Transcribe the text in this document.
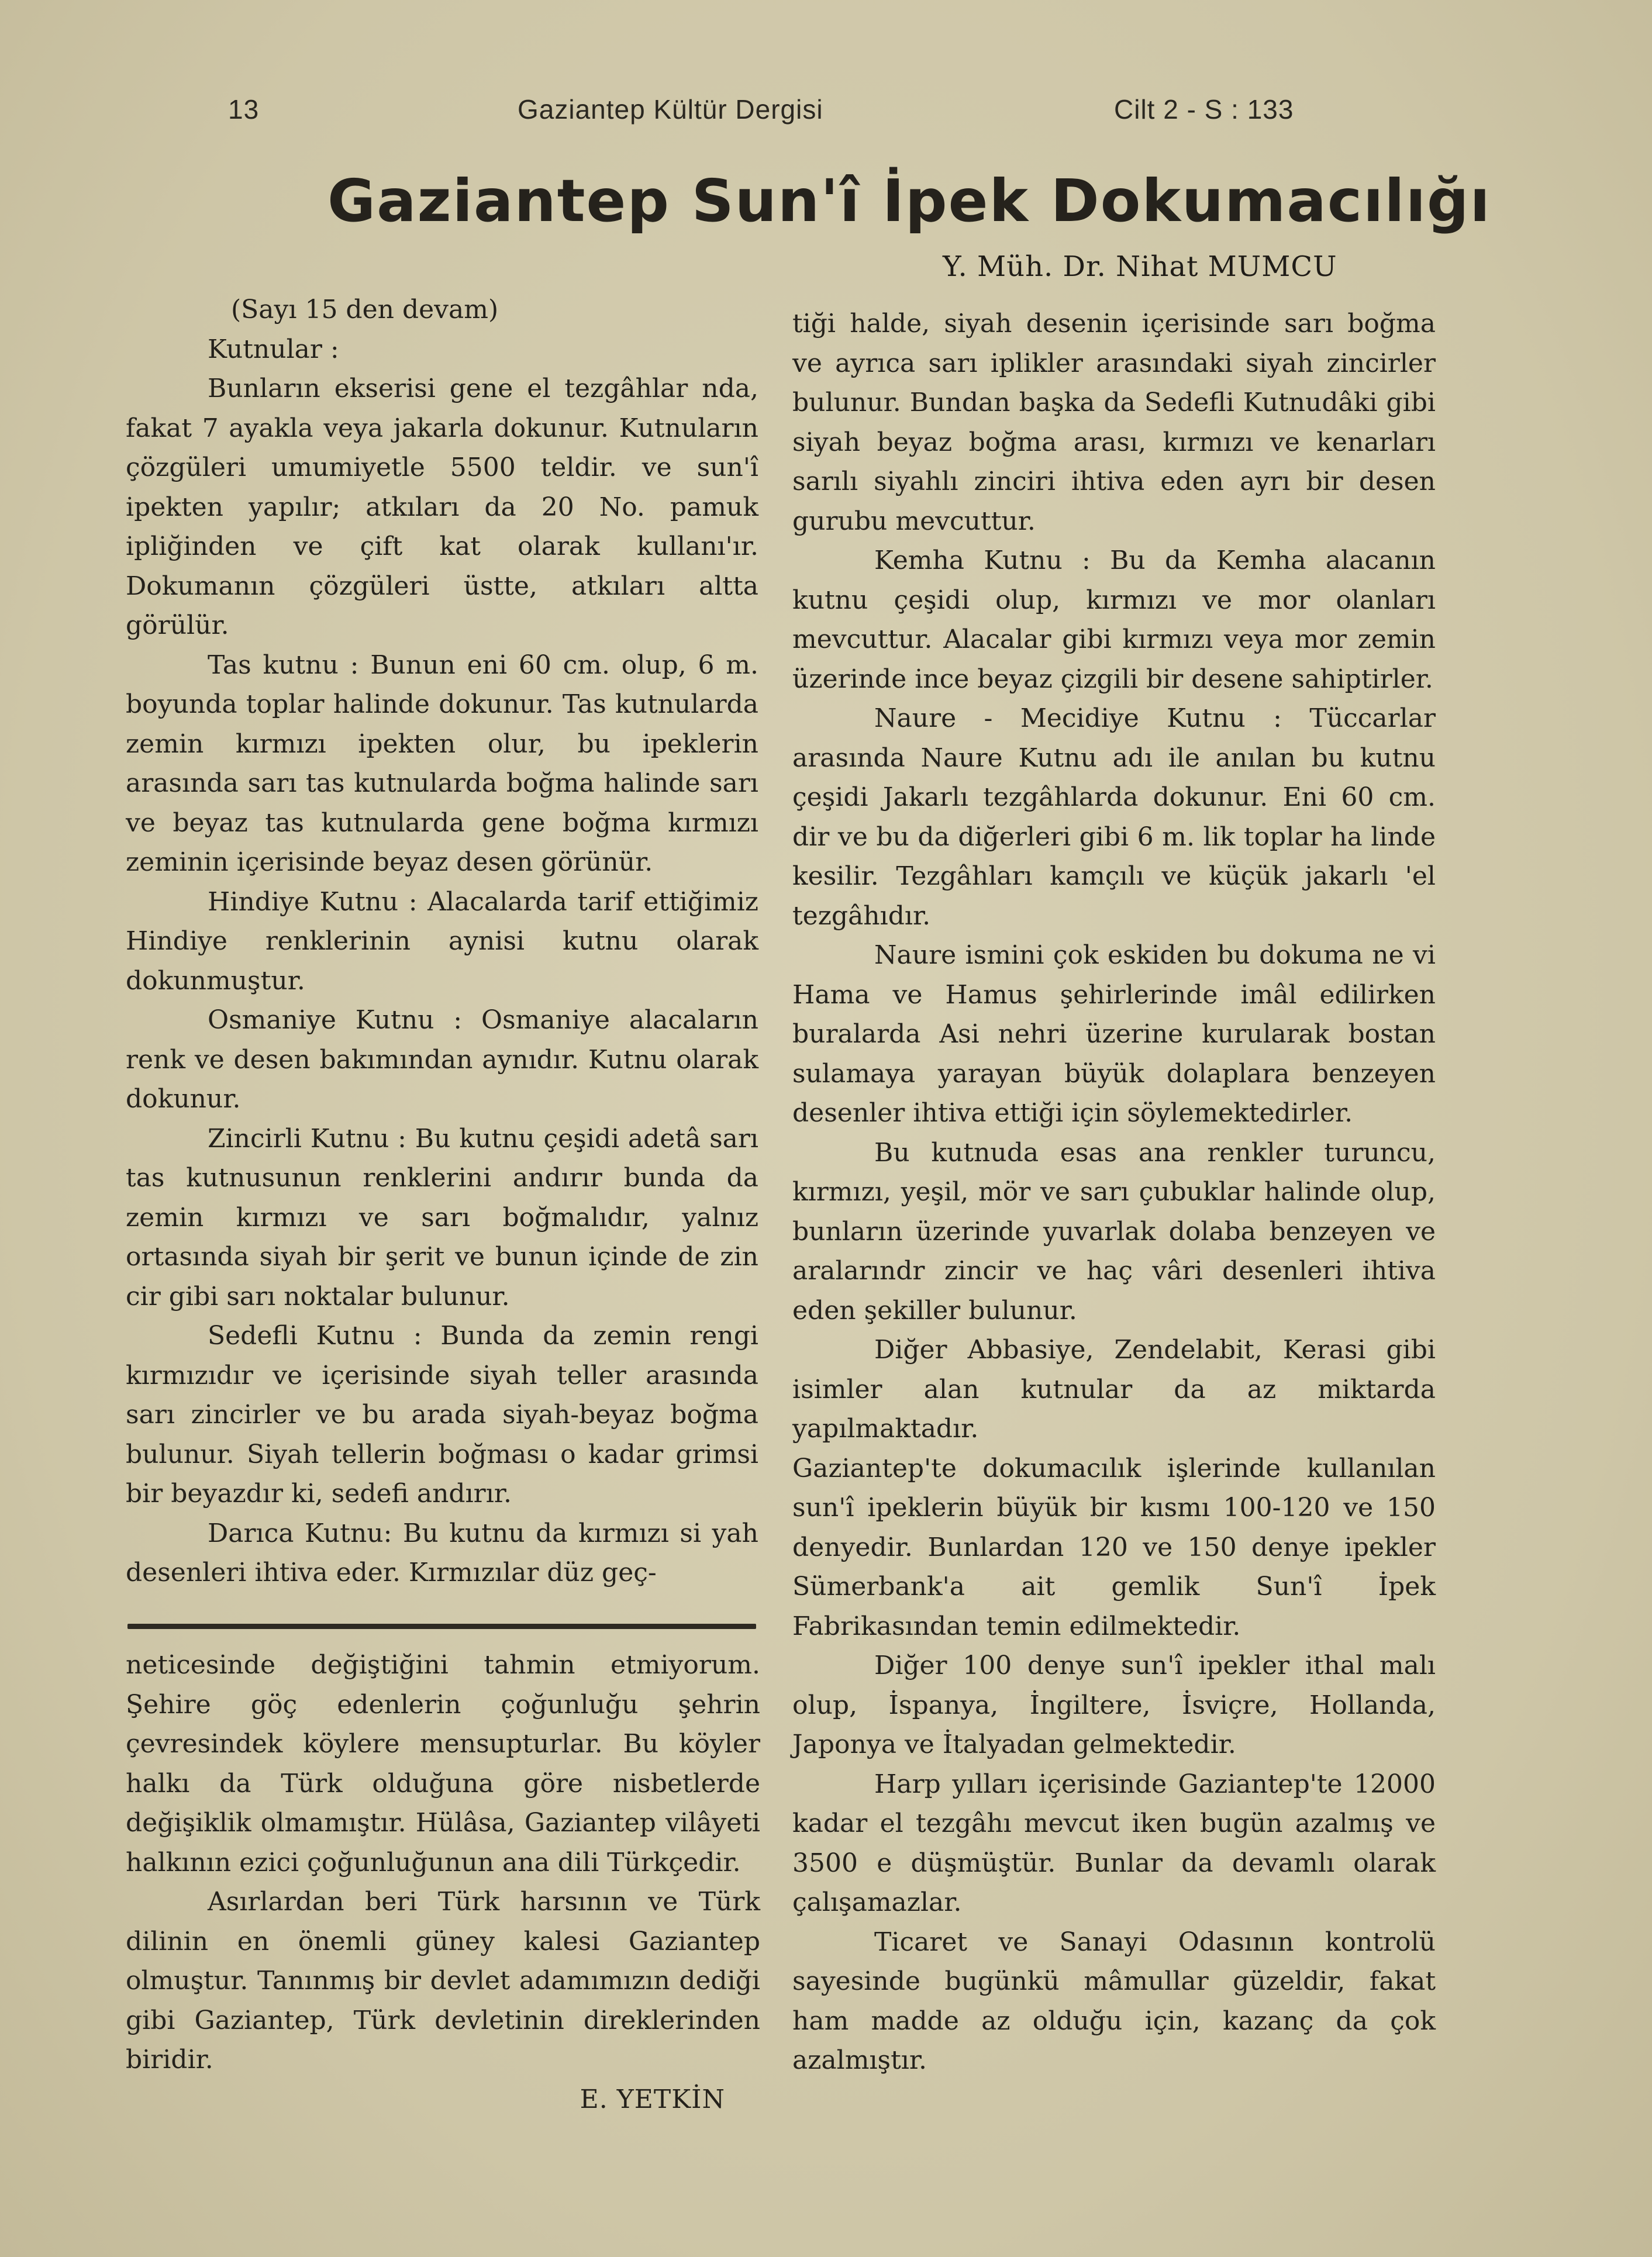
13	Gaziantep Kültür Dergisi	Cilt 2 - S : 133
Gaziantep Sun'î İpek Dokumacılığı
Y. Müh. Dr. Nihat MUMCU

(Sayı 15 den devam)

Kutnular :

Bunların ekserisi gene el tezgâhlar nda, fakat 7 ayakla veya jakarla dokunur. Kutnuların çözgüleri umumiyetle 5500 teldir. ve sun'î ipekten yapılır; atkıları da 20 No. pamuk ipliğinden ve çift kat olarak kullanı'ır. Dokumanın çözgüleri üstte, atkıları altta görülür.

Tas kutnu : Bunun eni 60 cm. olup, 6 m. boyunda toplar halinde dokunur. Tas kutnularda zemin kırmızı ipekten olur, bu ipeklerin arasında sarı tas kutnularda boğma halinde sarı ve beyaz tas kutnularda gene boğma kırmızı zeminin içerisinde beyaz desen görünür.

Hindiye Kutnu : Alacalarda tarif ettiğimiz Hindiye renklerinin aynisi kutnu olarak dokunmuştur.

Osmaniye Kutnu : Osmaniye alacaların renk ve desen bakımından aynıdır. Kutnu olarak dokunur.

Zincirli Kutnu : Bu kutnu çeşidi adetâ sarı tas kutnusunun renklerini andırır bunda da zemin kırmızı ve sarı boğmalıdır, yalnız ortasında siyah bir şerit ve bunun içinde de zin cir gibi sarı noktalar bulunur.

Sedefli Kutnu : Bunda da zemin rengi kırmızıdır ve içerisinde siyah teller arasında sarı zincirler ve bu arada siyah-beyaz boğma bulunur. Siyah tellerin boğması o kadar grimsi bir beyazdır ki, sedefi andırır.

Darıca Kutnu: Bu kutnu da kırmızı si yah desenleri ihtiva eder. Kırmızılar düz geç-

neticesinde değiştiğini tahmin etmiyorum. Şehire göç edenlerin çoğunluğu şehrin çevresindek köylere mensupturlar. Bu köyler halkı da Türk olduğuna göre nisbetlerde değişiklik olmamıştır. Hülâsa, Gaziantep vilâyeti halkının ezici çoğunluğunun ana dili Türkçedir.

Asırlardan beri Türk harsının ve Türk dilinin en önemli güney kalesi Gaziantep olmuştur. Tanınmış bir devlet adamımızın dediği gibi Gaziantep, Türk devletinin direklerinden biridir.

E. YETKİN

tiği halde, siyah desenin içerisinde sarı boğma ve ayrıca sarı iplikler arasındaki siyah zincirler bulunur. Bundan başka da Sedefli Kutnudâki gibi siyah beyaz boğma arası, kırmızı ve kenarları sarılı siyahlı zinciri ihtiva eden ayrı bir desen gurubu mevcuttur.

Kemha Kutnu : Bu da Kemha alacanın kutnu çeşidi olup, kırmızı ve mor olanları mevcuttur. Alacalar gibi kırmızı veya mor zemin üzerinde ince beyaz çizgili bir desene sahiptirler.

Naure - Mecidiye Kutnu : Tüccarlar arasında Naure Kutnu adı ile anılan bu kutnu çeşidi Jakarlı tezgâhlarda dokunur. Eni 60 cm. dir ve bu da diğerleri gibi 6 m. lik toplar ha linde kesilir. Tezgâhları kamçılı ve küçük jakarlı 'el tezgâhıdır.

Naure ismini çok eskiden bu dokuma ne vi Hama ve Hamus şehirlerinde imâl edilirken buralarda Asi nehri üzerine kurularak bostan sulamaya yarayan büyük dolaplara benzeyen desenler ihtiva ettiği için söylemektedirler.

Bu kutnuda esas ana renkler turuncu, kırmızı, yeşil, mör ve sarı çubuklar halinde olup, bunların üzerinde yuvarlak dolaba benzeyen ve aralarındr zincir ve haç vâri desenleri ihtiva eden şekiller bulunur.

Diğer Abbasiye, Zendelabit, Kerasi gibi isimler alan kutnular da az miktarda yapılmaktadır.

Gaziantep'te dokumacılık işlerinde kullanılan sun'î ipeklerin büyük bir kısmı 100-120 ve 150 denyedir. Bunlardan 120 ve 150 denye ipekler Sümerbank'a ait gemlik Sun'î İpek Fabrikasından temin edilmektedir.

Diğer 100 denye sun'î ipekler ithal malı olup, İspanya, İngiltere, İsviçre, Hollanda, Japonya ve İtalyadan gelmektedir.

Harp yılları içerisinde Gaziantep'te 12000 kadar el tezgâhı mevcut iken bugün azalmış ve 3500 e düşmüştür. Bunlar da devamlı olarak çalışamazlar.

Ticaret ve Sanayi Odasının kontrolü sayesinde bugünkü mâmullar güzeldir, fakat ham madde az olduğu için, kazanç da çok azalmıştır.
